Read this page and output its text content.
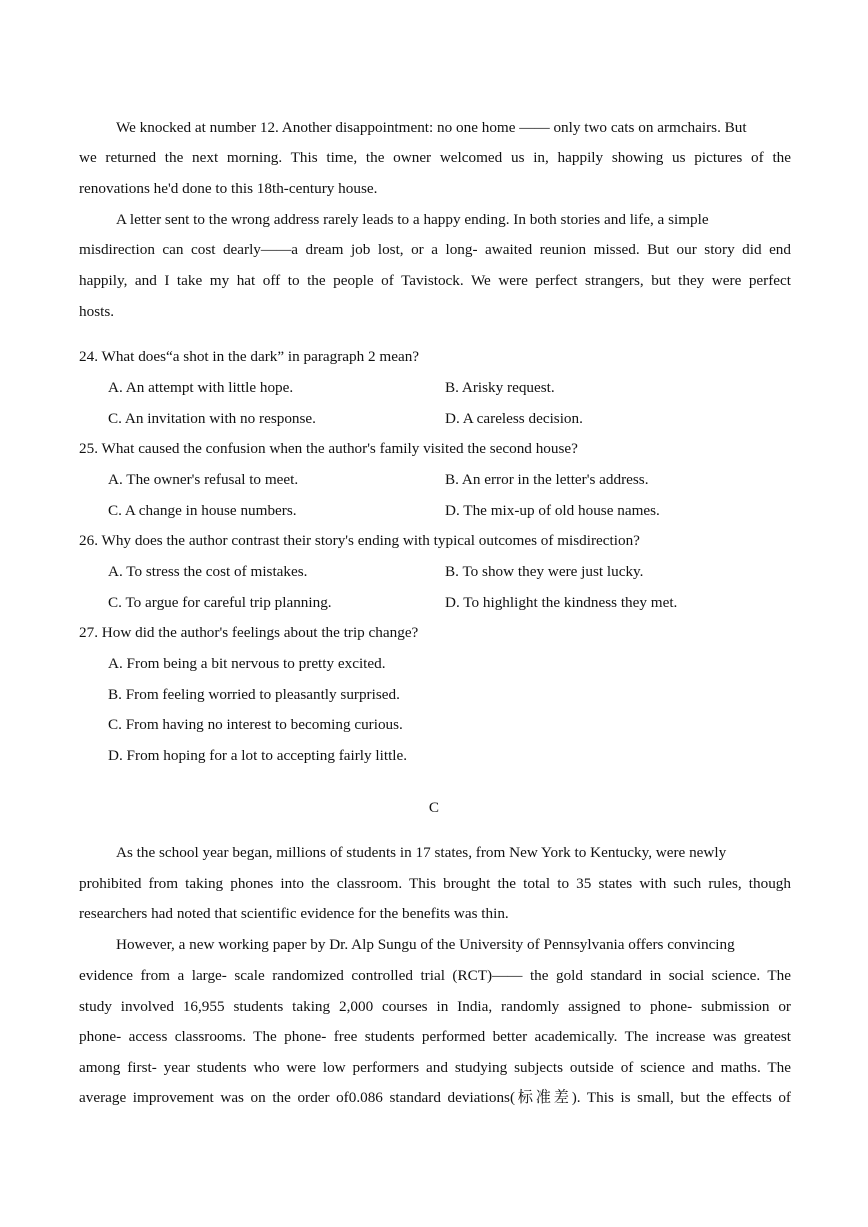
We knocked at number 12. Another disappointment: no one home —— only two cats on armchairs. But
we returned the next morning. This time, the owner welcomed us in, happily showing us pictures of the
renovations he'd done to this 18th-century house.
A letter sent to the wrong address rarely leads to a happy ending. In both stories and life, a simple
misdirection can cost dearly——a dream job lost, or a long- awaited reunion missed. But our story did end
happily, and I take my hat off to the people of Tavistock. We were perfect strangers, but they were perfect
hosts.
24. What does“a shot in the dark” in paragraph 2 mean?
A. An attempt with little hope.	B. Arisky request.
C. An invitation with no response.	D. A careless decision.
25. What caused the confusion when the author's family visited the second house?
A. The owner's refusal to meet.	B. An error in the letter's address.
C. A change in house numbers.	D. The mix-up of old house names.
26. Why does the author contrast their story's ending with typical outcomes of misdirection?
A. To stress the cost of mistakes.	B. To show they were just lucky.
C. To argue for careful trip planning.	D. To highlight the kindness they met.
27. How did the author's feelings about the trip change?
A. From being a bit nervous to pretty excited.
B. From feeling worried to pleasantly surprised.
C. From having no interest to becoming curious.
D. From hoping for a lot to accepting fairly little.
C
As the school year began, millions of students in 17 states, from New York to Kentucky, were newly
prohibited from taking phones into the classroom. This brought the total to 35 states with such rules, though
researchers had noted that scientific evidence for the benefits was thin.
However, a new working paper by Dr. Alp Sungu of the University of Pennsylvania offers convincing
evidence from a large- scale randomized controlled trial (RCT)—— the gold standard in social science. The
study involved 16,955 students taking 2,000 courses in India, randomly assigned to phone- submission or
phone- access classrooms. The phone- free students performed better academically. The increase was greatest
among first- year students who were low performers and studying subjects outside of science and maths. The
average improvement was on the order of0.086 standard deviations(标准差). This is small, but the effects of
